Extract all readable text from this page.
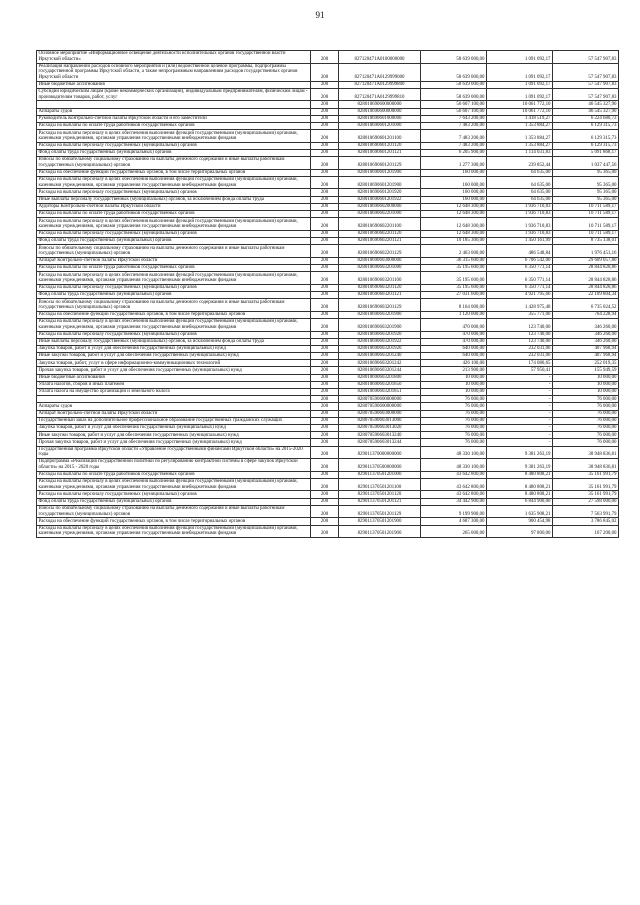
91
Основное мероприятие «Информационное освещение деятельности исполнительных органов государственной власти Иркутской области»	200	827120471A0100000000	58 639 000,00	1 091 092,17	57 547 907,83
Реализация направлений расходов основного мероприятия и (или) ведомственной целевой программы, подпрограммы государственной программы Иркутской области, а также непрограммным направлениям расходов государственных органов Иркутской области	200	827120471A0129999000	58 639 000,00	1 091 092,17	57 547 907,83
Иные бюджетные ассигнования	200	827120471A0129999800	58 639 000,00	1 091 092,17	57 547 907,83
Субсидии юридическим лицам (кроме некоммерческих организаций), индивидуальным предпринимателям, физическим лицам - производителям товаров, работ, услуг	200	827120471A0129999810	58 639 000,00	1 091 092,17	57 547 907,83
	200	828010690600000000	56 607 100,00	10 061 772,10	46 545 327,90
Аппараты судов	200	828010690600000000	56 607 100,00	10 061 772,10	46 545 327,90
Руководитель Контрольно-счетной палаты Иркутской области и его заместители	200	828010690601000000	7 643 200,00	1 418 519,27	6 224 680,73
Расходы на выплаты по оплате труда работников государственных органов	200	828010690601201000	7 483 200,00	1 353 884,27	6 129 315,73
Расходы на выплаты персоналу в целях обеспечения выполнения функций государственными (муниципальными) органами, казенными учреждениями, органами управления государственными внебюджетными фондами	200	828010690601201100	7 483 200,00	1 353 884,27	6 129 315,73
Расходы на выплаты персоналу государственных (муниципальных) органов	200	828010690601201120	7 483 200,00	1 353 884,27	6 129 315,73
Фонд оплаты труда государственных (муниципальных) органов	200	828010690601201121	6 205 900,00	1 114 031,83	5 091 868,17
Взносы по обязательному социальному страхованию на выплаты денежного содержания и иные выплаты работникам государственных (муниципальных) органов	200	828010690601201129	1 277 300,00	239 852,44	1 037 447,56
Расходы на обеспечение функций государственных органов, в том числе территориальных органов	200	828010690601201900	160 000,00	64 635,00	95 365,00
Расходы на выплаты персоналу в целях обеспечения выполнения функций государственными (муниципальными) органами, казенными учреждениями, органами управления государственными внебюджетными фондами	200	828010690601201900	160 000,00	64 635,00	95 365,00
Расходы на выплаты персоналу государственных (муниципальных) органов	200	828010690601201920	160 000,00	64 635,00	95 365,00
Иные выплаты персоналу государственных (муниципальных) органов, за исключением фонда оплаты труда	200	828010690601201922	160 000,00	64 635,00	95 365,00
Аудиторы Контрольно-счетной палаты Иркутской области	200	828010690602000000	12 648 300,00	1 936 710,83	10 711 589,17
Расходы на выплаты по оплате труда работников государственных органов	200	828010690602201000	12 648 300,00	1 936 710,83	10 711 589,17
Расходы на выплаты персоналу в целях обеспечения выполнения функций государственными (муниципальными) органами, казенными учреждениями, органами управления государственными внебюджетными фондами	200	828010690602201100	12 648 300,00	1 936 710,83	10 711 589,17
Расходы на выплаты персоналу государственных (муниципальных) органов	200	828010690602201120	12 648 300,00	1 936 710,83	10 711 589,17
Фонд оплаты труда государственных (муниципальных) органов	200	828010690602201121	10 185 300,00	1 450 161,99	8 735 138,01
Взносы по обязательному социальному страхованию на выплаты денежного содержания и иные выплаты работникам государственных (муниципальных) органов	200	828010690602201129	2 463 000,00	486 548,84	1 976 451,16
Аппарат Контрольно-счетной палаты Иркутской области	200	828010690603000000	36 315 600,00	6 706 542,00	29 609 057,80
Расходы на выплаты по оплате труда работников государственных органов	200	828010690603201000	35 195 600,00	6 350 771,14	28 844 828,86
Расходы на выплаты персоналу в целях обеспечения выполнения функций государственными (муниципальными) органами, казенными учреждениями, органами управления государственными внебюджетными фондами	200	828010690603201100	35 195 600,00	6 350 771,14	28 844 828,86
Расходы на выплаты персоналу государственных (муниципальных) органов	200	828010690603201120	35 195 600,00	6 350 771,14	28 844 828,86
Фонд оплаты труда государственных (муниципальных) органов	200	828010690603201121	27 031 600,00	4 921 795,66	22 109 804,34
Взносы по обязательному социальному страхованию на выплаты денежного содержания и иные выплаты работникам государственных (муниципальных) органов	200	828010690603201129	8 164 000,00	1 428 975,48	6 735 024,52
Расходы на обеспечение функций государственных органов, в том числе территориальных органов	200	828010690603201900	1 120 000,00	355 771,06	764 228,94
Расходы на выплаты персоналу в целях обеспечения выполнения функций государственными (муниципальными) органами, казенными учреждениями, органами управления государственными внебюджетными фондами	200	828010690603201900	470 000,00	123 740,00	346 260,00
Расходы на выплаты персоналу государственных (муниципальных) органов	200	828010690603201920	470 000,00	123 740,00	346 260,00
Иные выплаты персоналу государственных (муниципальных) органов, за исключением фонда оплаты труда	200	828010690603201922	470 000,00	123 740,00	346 260,00
Закупка товаров, работ и услуг для обеспечения государственных (муниципальных) нужд	200	828010690603201920	640 000,00	232 031,06	407 968,94
Иные закупки товаров, работ и услуг для обеспечения государственных (муниципальных) нужд	200	828010690603201240	640 000,00	232 031,06	407 968,94
Закупка товаров, работ, услуг в сфере информационно-коммуникационных технологий	200	828010690603201242	426 100,00	174 080,65	252 019,35
Прочая закупка товаров, работ и услуг для обеспечения государственных (муниципальных) нужд	200	828010690603201244	213 900,00	57 950,41	155 949,59
Иные бюджетные ассигнования	200	828010690603201800	10 000,00	-	10 000,00
Уплата налогов, сборов и иных платежей	200	828010690603201850	10 000,00	-	10 000,00
Уплата налога на имущество организаций и земельного налога	200	828010690603201851	10 000,00	-	10 000,00
	200	828070590600000000	76 000,00	-	76 000,00
Аппараты судов	200	828070590600000000	76 000,00	-	76 000,00
Аппарат Контрольно-счетной палаты Иркутской области	200	828070590603000000	76 000,00	-	76 000,00
Государственный заказ на дополнительное профессиональное образование государственных гражданских служащих	200	828070590603013000	76 000,00	-	76 000,00
Закупка товаров, работ и услуг для обеспечения государственных (муниципальных) нужд	200	828070590603013020	76 000,00	-	76 000,00
Иные закупки товаров, работ и услуг для обеспечения государственных (муниципальных) нужд	200	828070590603013240	76 000,00	-	76 000,00
Прочая закупка товаров, работ и услуг для обеспечения государственных (муниципальных) нужд	200	828070590603013244	76 000,00	-	76 000,00
Государственная программа Иркутской области «Управление государственными финансами Иркутской области» на 2015-2020 годы	200	829011370000000000	48 330 100,00	9 381 263,19	38 948 836,81
Подпрограмма «Реализация государственной политики по регулированию контрактной системы в сфере закупок Иркутской области» на 2015 - 2020 годы	200	829011370500000000	48 330 100,00	9 381 263,19	38 948 836,81
Расходы на выплаты по оплате труда работников государственных органов	200	829011370501201000	43 642 800,00	8 480 808,21	35 161 991,79
Расходы на выплаты персоналу в целях обеспечения выполнения функций государственными (муниципальными) органами, казенными учреждениями, органами управления государственными внебюджетными фондами	200	829011370501201100	43 642 800,00	8 480 808,21	35 161 991,79
Расходы на выплаты персоналу государственных (муниципальных) органов	200	829011370501201120	43 642 800,00	8 480 808,21	35 161 991,79
Фонд оплаты труда государственных (муниципальных) органов	200	829011370501201121	34 442 900,00	6 844 900,00	27 598 000,00
Взносы по обязательному социальному страхованию на выплаты денежного содержания и иные выплаты работникам государственных (муниципальных) органов	200	829011370501201129	9 199 900,00	1 635 908,21	7 563 991,79
Расходы на обеспечение функций государственных органов, в том числе территориальных органов	200	829011370501201900	4 687 300,00	900 454,98	3 786 845,02
Расходы на выплаты персоналу в целях обеспечения выполнения функций государственными (муниципальными) органами, казенными учреждениями, органами управления государственными внебюджетными фондами	200	829011370501201900	265 000,00	97 800,00	167 200,00
